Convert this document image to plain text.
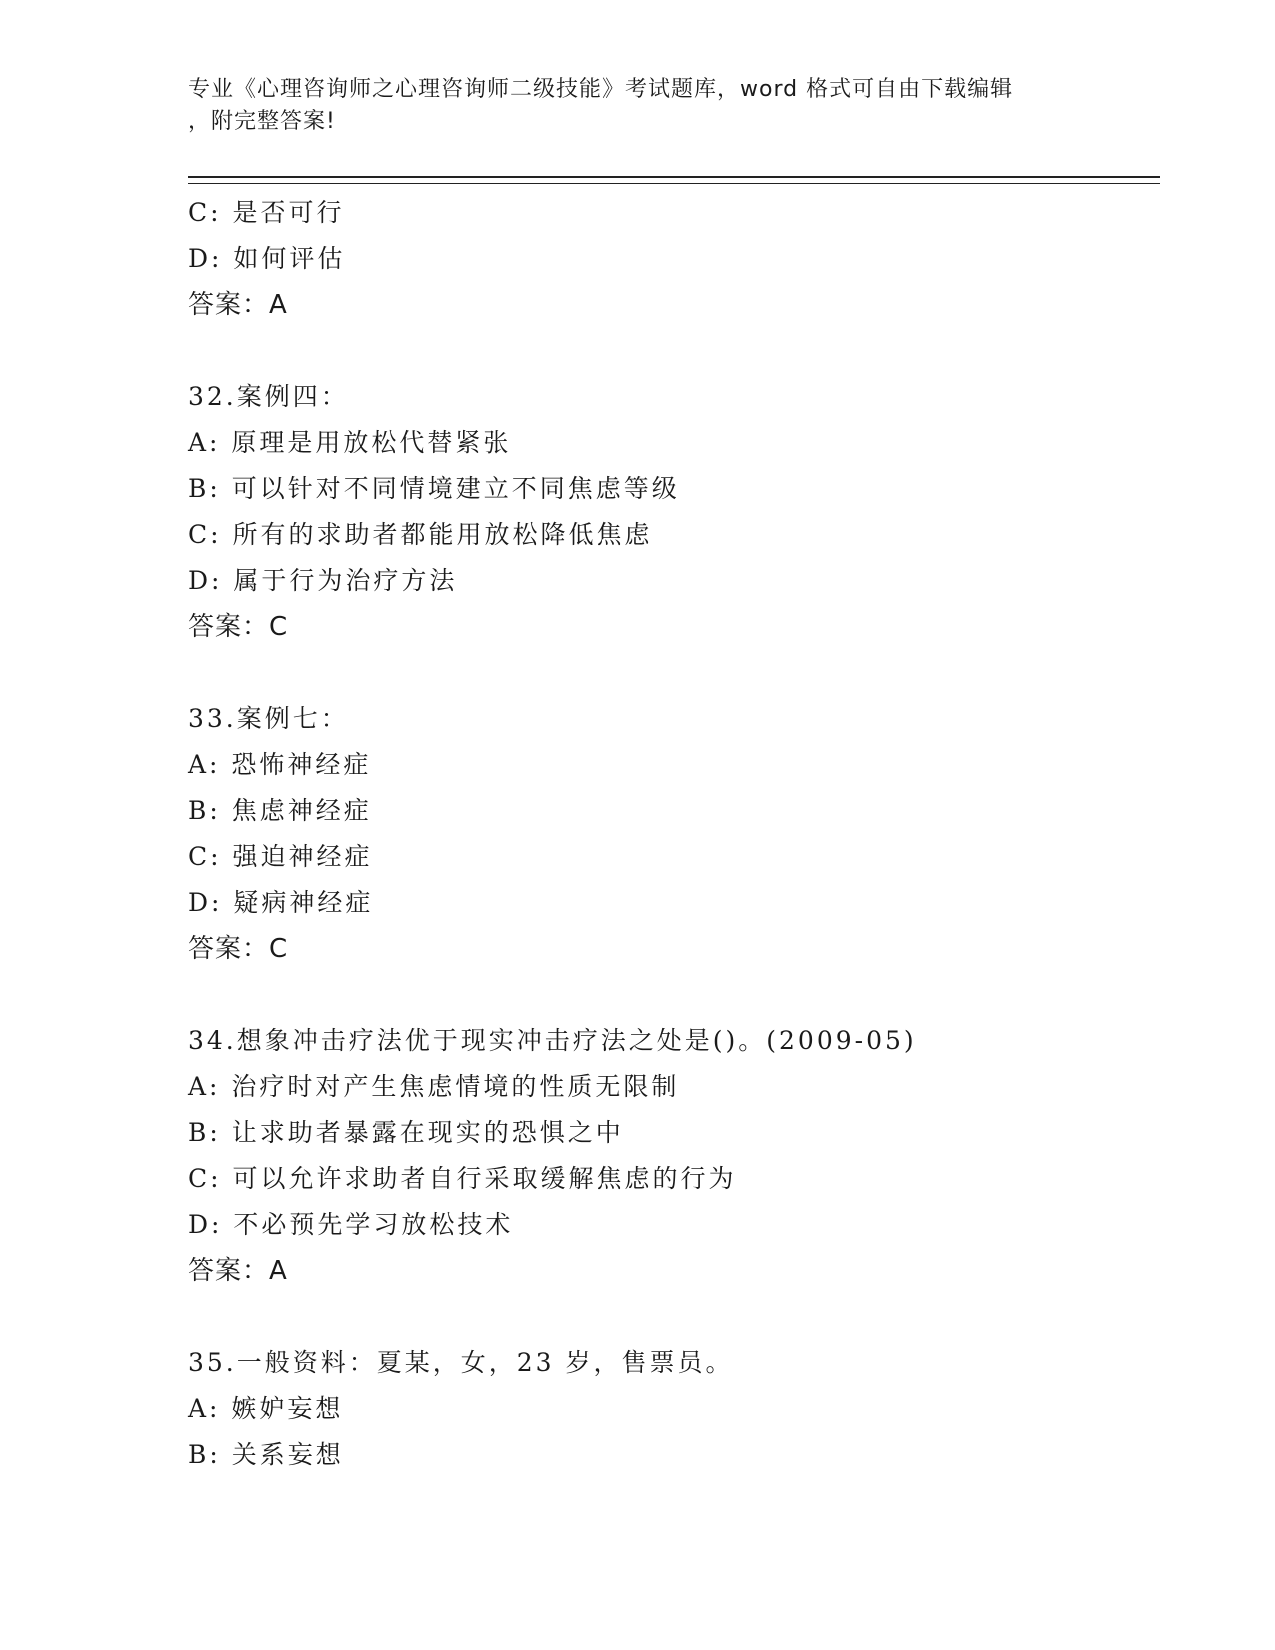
专业《心理咨询师之心理咨询师二级技能》考试题库，word 格式可自由下载编辑
，附完整答案!
C: 是否可行
D: 如何评估
答案：A
32.案例四：
A: 原理是用放松代替紧张
B: 可以针对不同情境建立不同焦虑等级
C: 所有的求助者都能用放松降低焦虑
D: 属于行为治疗方法
答案：C
33.案例七：
A: 恐怖神经症
B: 焦虑神经症
C: 强迫神经症
D: 疑病神经症
答案：C
34.想象冲击疗法优于现实冲击疗法之处是()。(2009-05)
A: 治疗时对产生焦虑情境的性质无限制
B: 让求助者暴露在现实的恐惧之中
C: 可以允许求助者自行采取缓解焦虑的行为
D: 不必预先学习放松技术
答案：A
35.一般资料：夏某，女，23 岁，售票员。
A: 嫉妒妄想
B: 关系妄想
